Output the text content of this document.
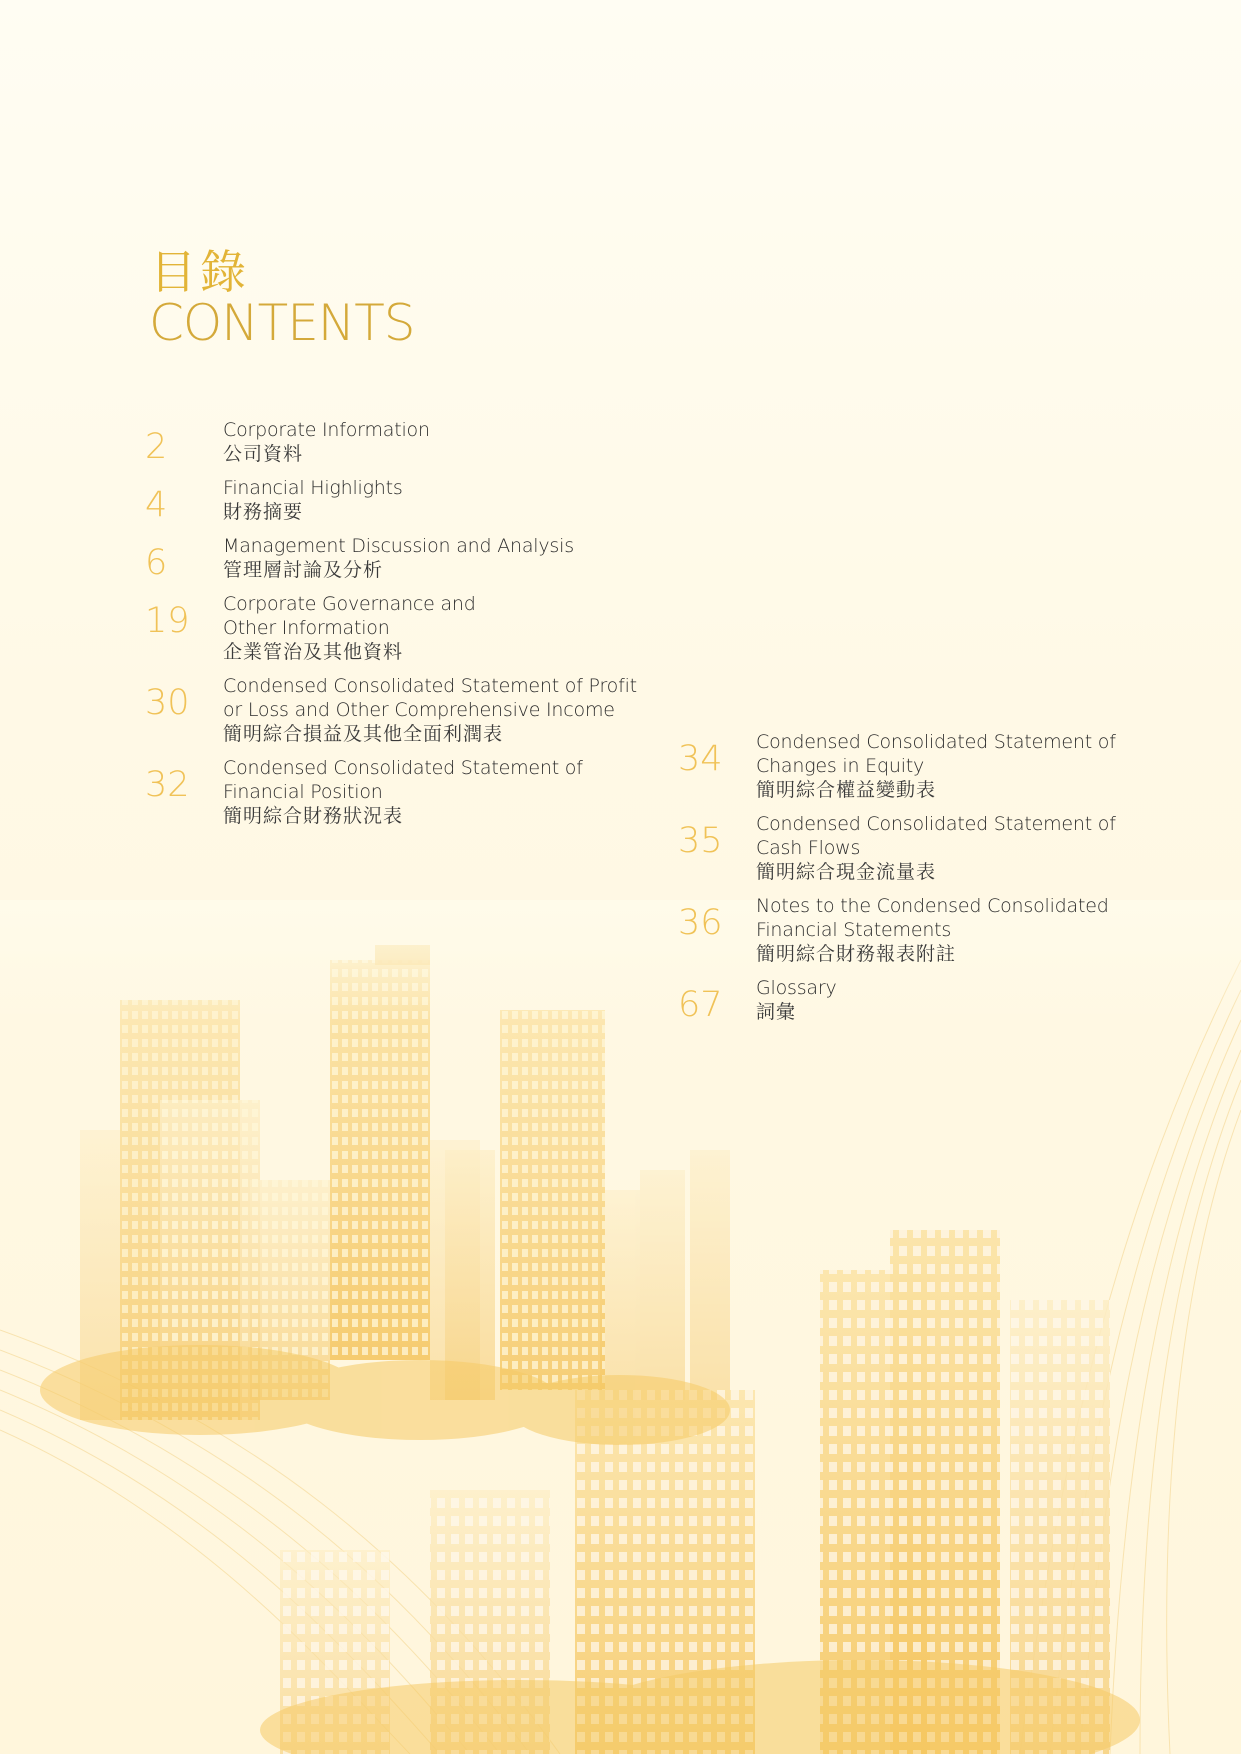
目錄
CONTENTS
2	Corporate Information
公司資料
4	Financial Highlights
財務摘要
6	Management Discussion and Analysis
管理層討論及分析
19	Corporate Governance and
Other Information
企業管治及其他資料
30	Condensed Consolidated Statement of Profit
or Loss and Other Comprehensive Income
簡明綜合損益及其他全面利潤表
32	Condensed Consolidated Statement of
Financial Position
簡明綜合財務狀況表
34	Condensed Consolidated Statement of
Changes in Equity
簡明綜合權益變動表
35	Condensed Consolidated Statement of
Cash Flows
簡明綜合現金流量表
36	Notes to the Condensed Consolidated
Financial Statements
簡明綜合財務報表附註
67	Glossary
詞彙
